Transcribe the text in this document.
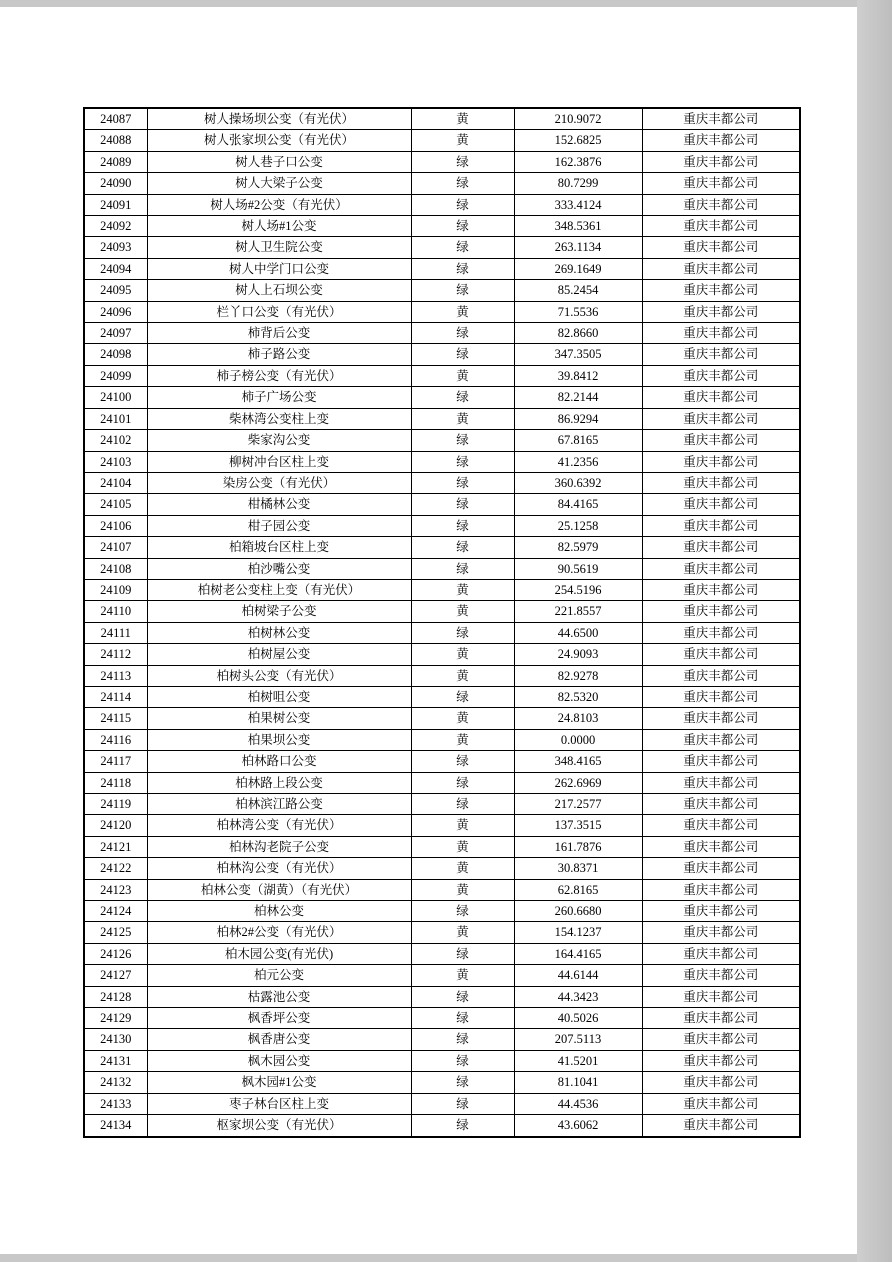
24087	树人操场坝公变（有光伏）	黄	210.9072	重庆丰都公司
24088	树人张家坝公变（有光伏）	黄	152.6825	重庆丰都公司
24089	树人巷子口公变	绿	162.3876	重庆丰都公司
24090	树人大梁子公变	绿	80.7299	重庆丰都公司
24091	树人场#2公变（有光伏）	绿	333.4124	重庆丰都公司
24092	树人场#1公变	绿	348.5361	重庆丰都公司
24093	树人卫生院公变	绿	263.1134	重庆丰都公司
24094	树人中学门口公变	绿	269.1649	重庆丰都公司
24095	树人上石坝公变	绿	85.2454	重庆丰都公司
24096	栏丫口公变（有光伏）	黄	71.5536	重庆丰都公司
24097	柿背后公变	绿	82.8660	重庆丰都公司
24098	柿子路公变	绿	347.3505	重庆丰都公司
24099	柿子榜公变（有光伏）	黄	39.8412	重庆丰都公司
24100	柿子广场公变	绿	82.2144	重庆丰都公司
24101	柴林湾公变柱上变	黄	86.9294	重庆丰都公司
24102	柴家沟公变	绿	67.8165	重庆丰都公司
24103	柳树冲台区柱上变	绿	41.2356	重庆丰都公司
24104	染房公变（有光伏）	绿	360.6392	重庆丰都公司
24105	柑橘林公变	绿	84.4165	重庆丰都公司
24106	柑子园公变	绿	25.1258	重庆丰都公司
24107	柏箱坡台区柱上变	绿	82.5979	重庆丰都公司
24108	柏沙嘴公变	绿	90.5619	重庆丰都公司
24109	柏树老公变柱上变（有光伏）	黄	254.5196	重庆丰都公司
24110	柏树梁子公变	黄	221.8557	重庆丰都公司
24111	柏树林公变	绿	44.6500	重庆丰都公司
24112	柏树屋公变	黄	24.9093	重庆丰都公司
24113	柏树头公变（有光伏）	黄	82.9278	重庆丰都公司
24114	柏树咀公变	绿	82.5320	重庆丰都公司
24115	柏果树公变	黄	24.8103	重庆丰都公司
24116	柏果坝公变	黄	0.0000	重庆丰都公司
24117	柏林路口公变	绿	348.4165	重庆丰都公司
24118	柏林路上段公变	绿	262.6969	重庆丰都公司
24119	柏林滨江路公变	绿	217.2577	重庆丰都公司
24120	柏林湾公变（有光伏）	黄	137.3515	重庆丰都公司
24121	柏林沟老院子公变	黄	161.7876	重庆丰都公司
24122	柏林沟公变（有光伏）	黄	30.8371	重庆丰都公司
24123	柏林公变（湖黄）（有光伏）	黄	62.8165	重庆丰都公司
24124	柏林公变	绿	260.6680	重庆丰都公司
24125	柏林2#公变（有光伏）	黄	154.1237	重庆丰都公司
24126	柏木园公变(有光伏)	绿	164.4165	重庆丰都公司
24127	柏元公变	黄	44.6144	重庆丰都公司
24128	枯露池公变	绿	44.3423	重庆丰都公司
24129	枫香坪公变	绿	40.5026	重庆丰都公司
24130	枫香唐公变	绿	207.5113	重庆丰都公司
24131	枫木园公变	绿	41.5201	重庆丰都公司
24132	枫木园#1公变	绿	81.1041	重庆丰都公司
24133	枣子林台区柱上变	绿	44.4536	重庆丰都公司
24134	枢家坝公变（有光伏）	绿	43.6062	重庆丰都公司
